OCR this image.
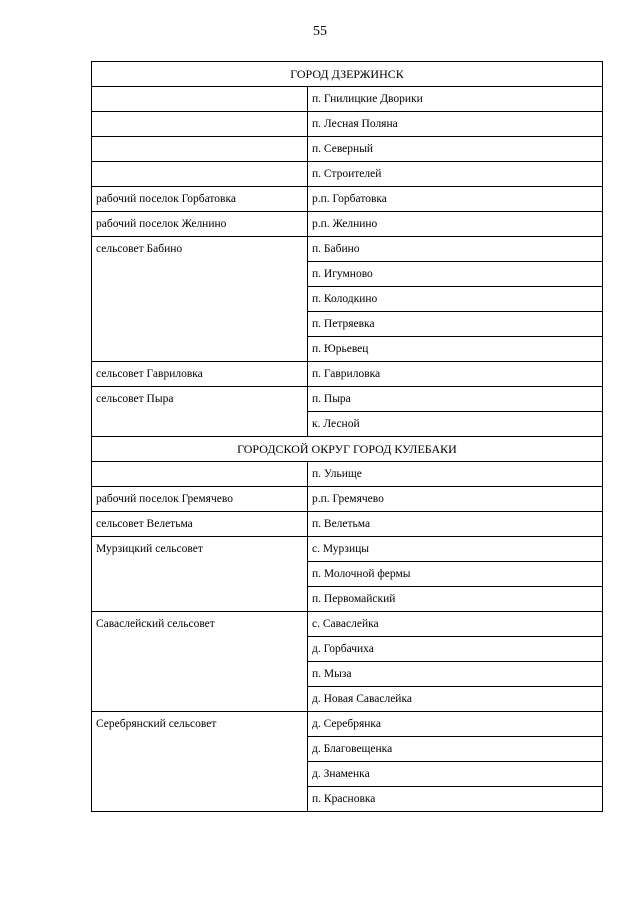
55
ГОРОД ДЗЕРЖИНСК	
	п. Гнилицкие Дворики
	п. Лесная Поляна
	п. Северный
	п. Строителей
рабочий поселок Горбатовка	р.п. Горбатовка
рабочий поселок Желнино	р.п. Желнино
сельсовет Бабино	п. Бабино
	п. Игумново
	п. Колодкино
	п. Петряевка
	п. Юрьевец
сельсовет Гавриловка	п. Гавриловка
сельсовет Пыра	п. Пыра
	к. Лесной
ГОРОДСКОЙ ОКРУГ ГОРОД КУЛЕБАКИ	
	п. Ульище
рабочий поселок Гремячево	р.п. Гремячево
сельсовет Велетьма	п. Велетьма
Мурзицкий сельсовет	с. Мурзицы
	п. Молочной фермы
	п. Первомайский
Саваслейский сельсовет	с. Саваслейка
	д. Горбачиха
	п. Мыза
	д. Новая Саваслейка
Серебрянский сельсовет	д. Серебрянка
	д. Благовещенка
	д. Знаменка
	п. Красновка
